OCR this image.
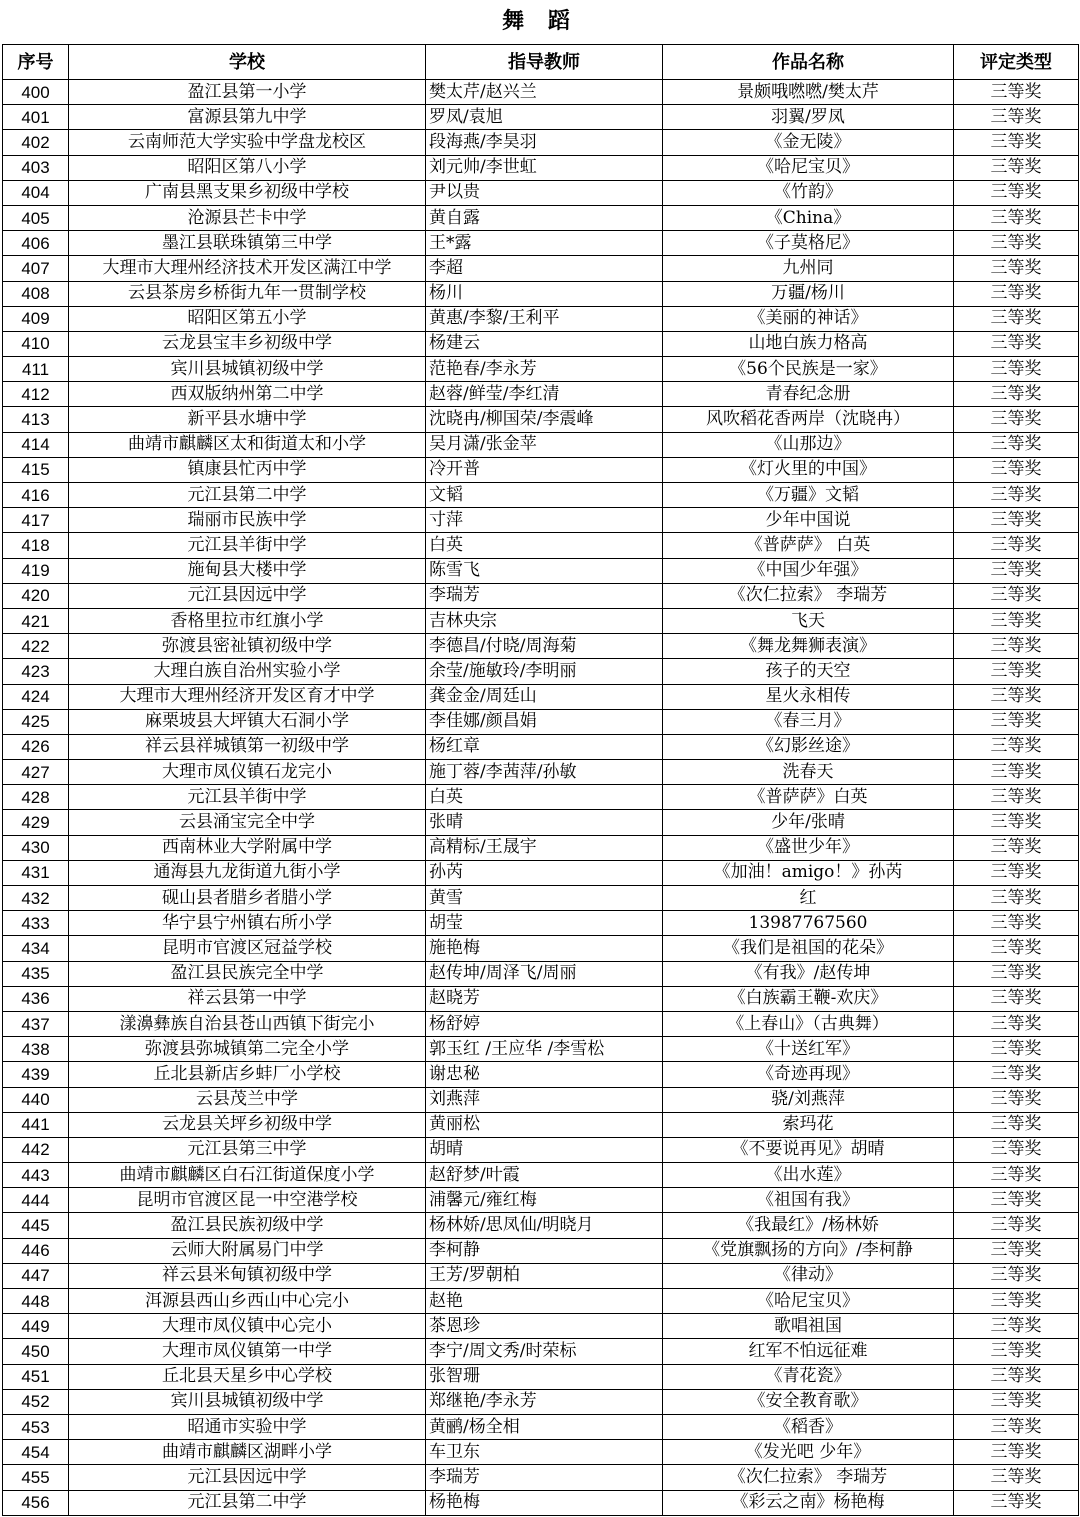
舞 蹈
序号	学校	指导教师	作品名称	评定类型
400	盈江县第一小学	樊太芹/赵兴兰	景颇哦嘫嘫/樊太芹	三等奖
401	富源县第九中学	罗凤/袁旭	羽翼/罗凤	三等奖
402	云南师范大学实验中学盘龙校区	段海燕/李昊羽	《金无陵》	三等奖
403	昭阳区第八小学	刘元帅/李世虹	《哈尼宝贝》	三等奖
404	广南县黑支果乡初级中学校	尹以贵	《竹韵》	三等奖
405	沧源县芒卡中学	黄自露	《China》	三等奖
406	墨江县联珠镇第三中学	王*露	《子莫格尼》	三等奖
407	大理市大理州经济技术开发区满江中学	李超	九州同	三等奖
408	云县茶房乡桥街九年一贯制学校	杨川	万疆/杨川	三等奖
409	昭阳区第五小学	黄惠/李黎/王利平	《美丽的神话》	三等奖
410	云龙县宝丰乡初级中学	杨建云	山地白族力格高	三等奖
411	宾川县城镇初级中学	范艳春/李永芳	《56个民族是一家》	三等奖
412	西双版纳州第二中学	赵蓉/鲜莹/李红清	青春纪念册	三等奖
413	新平县水塘中学	沈晓冉/柳国荣/李震峰	风吹稻花香两岸（沈晓冉）	三等奖
414	曲靖市麒麟区太和街道太和小学	吴月潇/张金苹	《山那边》	三等奖
415	镇康县忙丙中学	冷开普	《灯火里的中国》	三等奖
416	元江县第二中学	文韬	《万疆》文韬	三等奖
417	瑞丽市民族中学	寸萍	少年中国说	三等奖
418	元江县羊街中学	白英	《普萨萨》 白英	三等奖
419	施甸县大楼中学	陈雪飞	《中国少年强》	三等奖
420	元江县因远中学	李瑞芳	《次仁拉索》 李瑞芳	三等奖
421	香格里拉市红旗小学	吉林央宗	飞天	三等奖
422	弥渡县密祉镇初级中学	李德昌/付晓/周海菊	《舞龙舞狮表演》	三等奖
423	大理白族自治州实验小学	余莹/施敏玲/李明丽	孩子的天空	三等奖
424	大理市大理州经济开发区育才中学	龚金金/周廷山	星火永相传	三等奖
425	麻栗坡县大坪镇大石洞小学	李佳娜/颜昌娟	《春三月》	三等奖
426	祥云县祥城镇第一初级中学	杨红章	《幻影丝途》	三等奖
427	大理市凤仪镇石龙完小	施丁蓉/李茜萍/孙敏	洗春天	三等奖
428	元江县羊街中学	白英	《普萨萨》白英	三等奖
429	云县涌宝完全中学	张晴	少年/张晴	三等奖
430	西南林业大学附属中学	高精标/王晟宇	《盛世少年》	三等奖
431	通海县九龙街道九街小学	孙芮	《加油！amigo！》孙芮	三等奖
432	砚山县者腊乡者腊小学	黄雪	红	三等奖
433	华宁县宁州镇右所小学	胡莹	13987767560	三等奖
434	昆明市官渡区冠益学校	施艳梅	《我们是祖国的花朵》	三等奖
435	盈江县民族完全中学	赵传坤/周泽飞/周丽	《有我》/赵传坤	三等奖
436	祥云县第一中学	赵晓芳	《白族霸王鞭-欢庆》	三等奖
437	漾濞彝族自治县苍山西镇下街完小	杨舒婷	《上春山》（古典舞）	三等奖
438	弥渡县弥城镇第二完全小学	郭玉红 /王应华 /李雪松	《十送红军》	三等奖
439	丘北县新店乡蚌厂小学校	谢忠秘	《奇迹再现》	三等奖
440	云县茂兰中学	刘燕萍	骁/刘燕萍	三等奖
441	云龙县关坪乡初级中学	黄丽松	索玛花	三等奖
442	元江县第三中学	胡晴	《不要说再见》胡晴	三等奖
443	曲靖市麒麟区白石江街道保度小学	赵舒梦/叶霞	《出水莲》	三等奖
444	昆明市官渡区昆一中空港学校	浦馨元/雍红梅	《祖国有我》	三等奖
445	盈江县民族初级中学	杨林娇/思凤仙/明晓月	《我最红》/杨林娇	三等奖
446	云师大附属易门中学	李柯静	《党旗飘扬的方向》/李柯静	三等奖
447	祥云县米甸镇初级中学	王芳/罗朝柏	《律动》	三等奖
448	洱源县西山乡西山中心完小	赵艳	《哈尼宝贝》	三等奖
449	大理市凤仪镇中心完小	茶恩珍	歌唱祖国	三等奖
450	大理市凤仪镇第一中学	李宁/周文秀/时荣标	红军不怕远征难	三等奖
451	丘北县天星乡中心学校	张智珊	《青花瓷》	三等奖
452	宾川县城镇初级中学	郑继艳/李永芳	《安全教育歌》	三等奖
453	昭通市实验中学	黄鹂/杨全相	《稻香》	三等奖
454	曲靖市麒麟区湖畔小学	车卫东	《发光吧 少年》	三等奖
455	元江县因远中学	李瑞芳	《次仁拉索》 李瑞芳	三等奖
456	元江县第二中学	杨艳梅	《彩云之南》杨艳梅	三等奖
